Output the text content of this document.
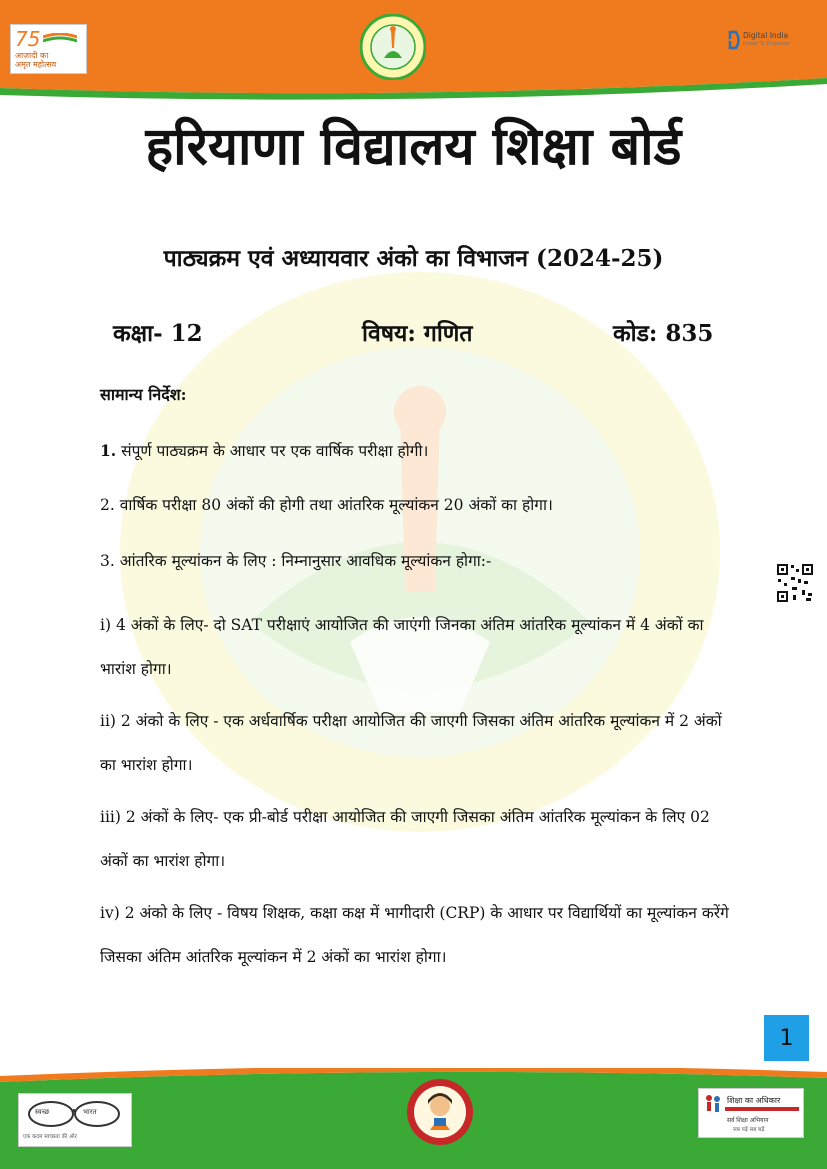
75
आज़ादी का
अमृत महोत्सव
Digital India
Power To Empower
हरियाणा विद्यालय शिक्षा बोर्ड
पाठ्यक्रम एवं अध्यायवार अंको का विभाजन (2024-25)
कक्षा- 12	विषय: गणित	कोड: 835
सामान्य निर्देश:
1. संपूर्ण पाठ्यक्रम के आधार पर एक वार्षिक परीक्षा होगी।
2. वार्षिक परीक्षा 80 अंकों की होगी तथा आंतरिक मूल्यांकन 20 अंकों का होगा।
3. आंतरिक मूल्यांकन के लिए : निम्नानुसार आवधिक मूल्यांकन होगा:-
i) 4 अंकों के लिए- दो SAT परीक्षाएं आयोजित की जाएंगी जिनका अंतिम आंतरिक मूल्यांकन में 4 अंकों का भारांश होगा।
ii) 2 अंको के लिए - एक अर्धवार्षिक परीक्षा आयोजित की जाएगी जिसका अंतिम आंतरिक मूल्यांकन में 2 अंकों का भारांश होगा।
iii) 2 अंकों के लिए- एक प्री-बोर्ड परीक्षा आयोजित की जाएगी जिसका अंतिम आंतरिक मूल्यांकन के लिए 02 अंकों का भारांश होगा।
iv) 2 अंको के लिए - विषय शिक्षक, कक्षा कक्ष में भागीदारी (CRP) के आधार पर विद्यार्थियों का मूल्यांकन करेंगे जिसका अंतिम आंतरिक मूल्यांकन में 2 अंकों का भारांश होगा।
1
स्वच्छ	भारत
एक कदम स्वच्छता की ओर
शिक्षा का अधिकार
सर्व शिक्षा अभियान
सब पढ़ें सब बढ़ें
